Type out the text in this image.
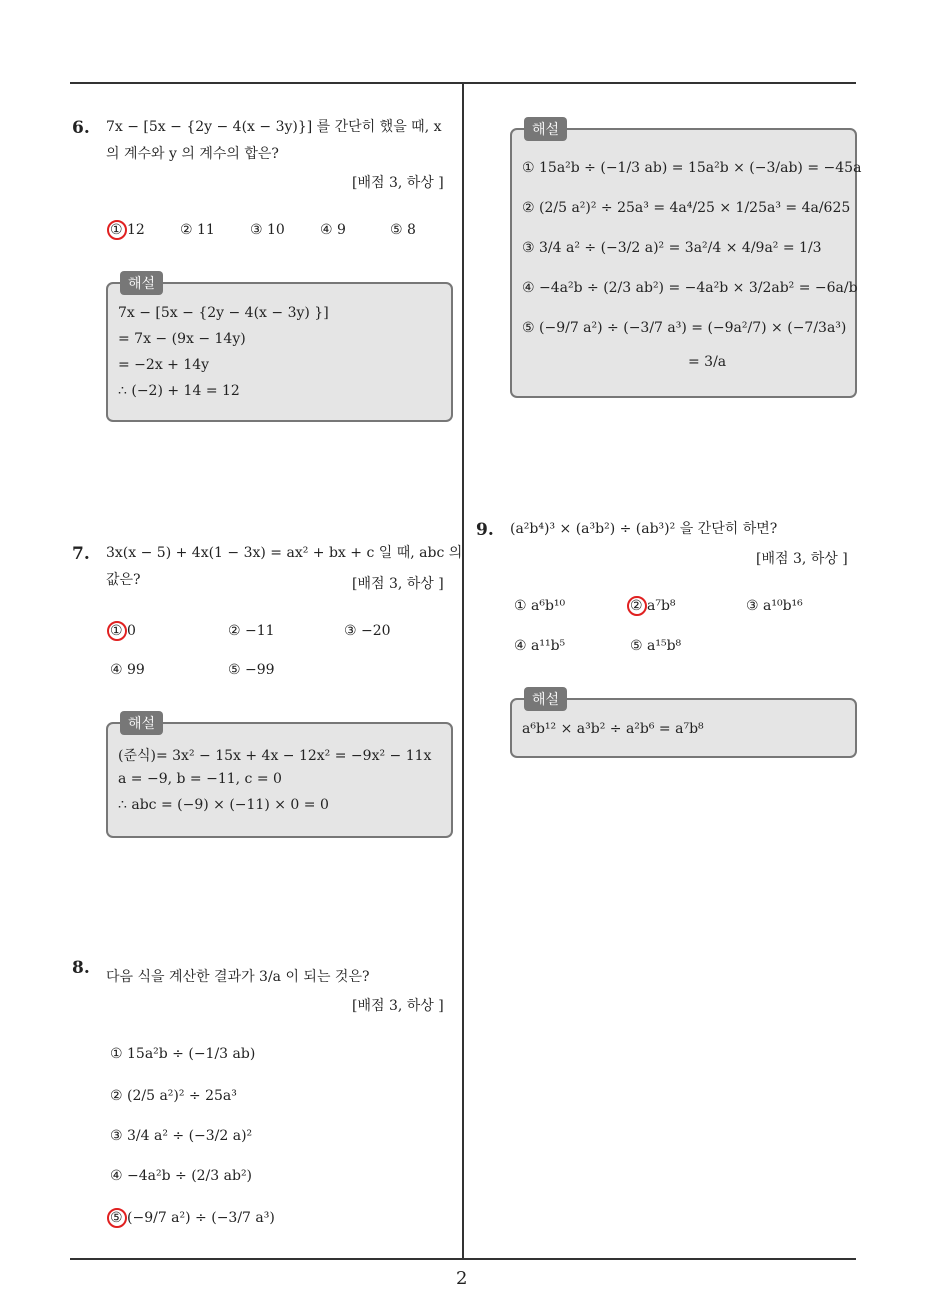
6. 7x − [5x − {2y − 4(x − 3y)}] 를 간단히 했을 때, x
의 계수와 y 의 계수의 합은?
[배점 3, 하상 ]
① 12	② 11	③ 10	④ 9	⑤ 8
해설
7x − [5x − {2y − 4(x − 3y) }]
= 7x − (9x − 14y)
= −2x + 14y
∴ (−2) + 14 = 12
7. 3x(x − 5) + 4x(1 − 3x) = ax² + bx + c 일 때, abc 의
값은?	[배점 3, 하상 ]
① 0	② −11	③ −20
④ 99	⑤ −99
해설
(준식)= 3x² − 15x + 4x − 12x² = −9x² − 11x
a = −9, b = −11, c = 0
∴ abc = (−9) × (−11) × 0 = 0
8. 다음 식을 계산한 결과가 3/a 이 되는 것은?
[배점 3, 하상 ]
① 15a²b ÷ (−1/3 ab)
② (2/5 a²)² ÷ 25a³
③ 3/4 a² ÷ (−3/2 a)²
④ −4a²b ÷ (2/3 ab²)
⑤ (−9/7 a²) ÷ (−3/7 a³)
해설
① 15a²b ÷ (−1/3 ab) = 15a²b × (−3/ab) = −45a
② (2/5 a²)² ÷ 25a³ = 4a⁴/25 × 1/25a³ = 4a/625
③ 3/4 a² ÷ (−3/2 a)² = 3a²/4 × 4/9a² = 1/3
④ −4a²b ÷ (2/3 ab²) = −4a²b × 3/2ab² = −6a/b
⑤ (−9/7 a²) ÷ (−3/7 a³) = (−9a²/7) × (−7/3a³)
= 3/a
9. (a²b⁴)³ × (a³b²) ÷ (ab³)² 을 간단히 하면?
[배점 3, 하상 ]
① a⁶b¹⁰	② a⁷b⁸	③ a¹⁰b¹⁶
④ a¹¹b⁵	⑤ a¹⁵b⁸
해설
a⁶b¹² × a³b² ÷ a²b⁶ = a⁷b⁸
2
